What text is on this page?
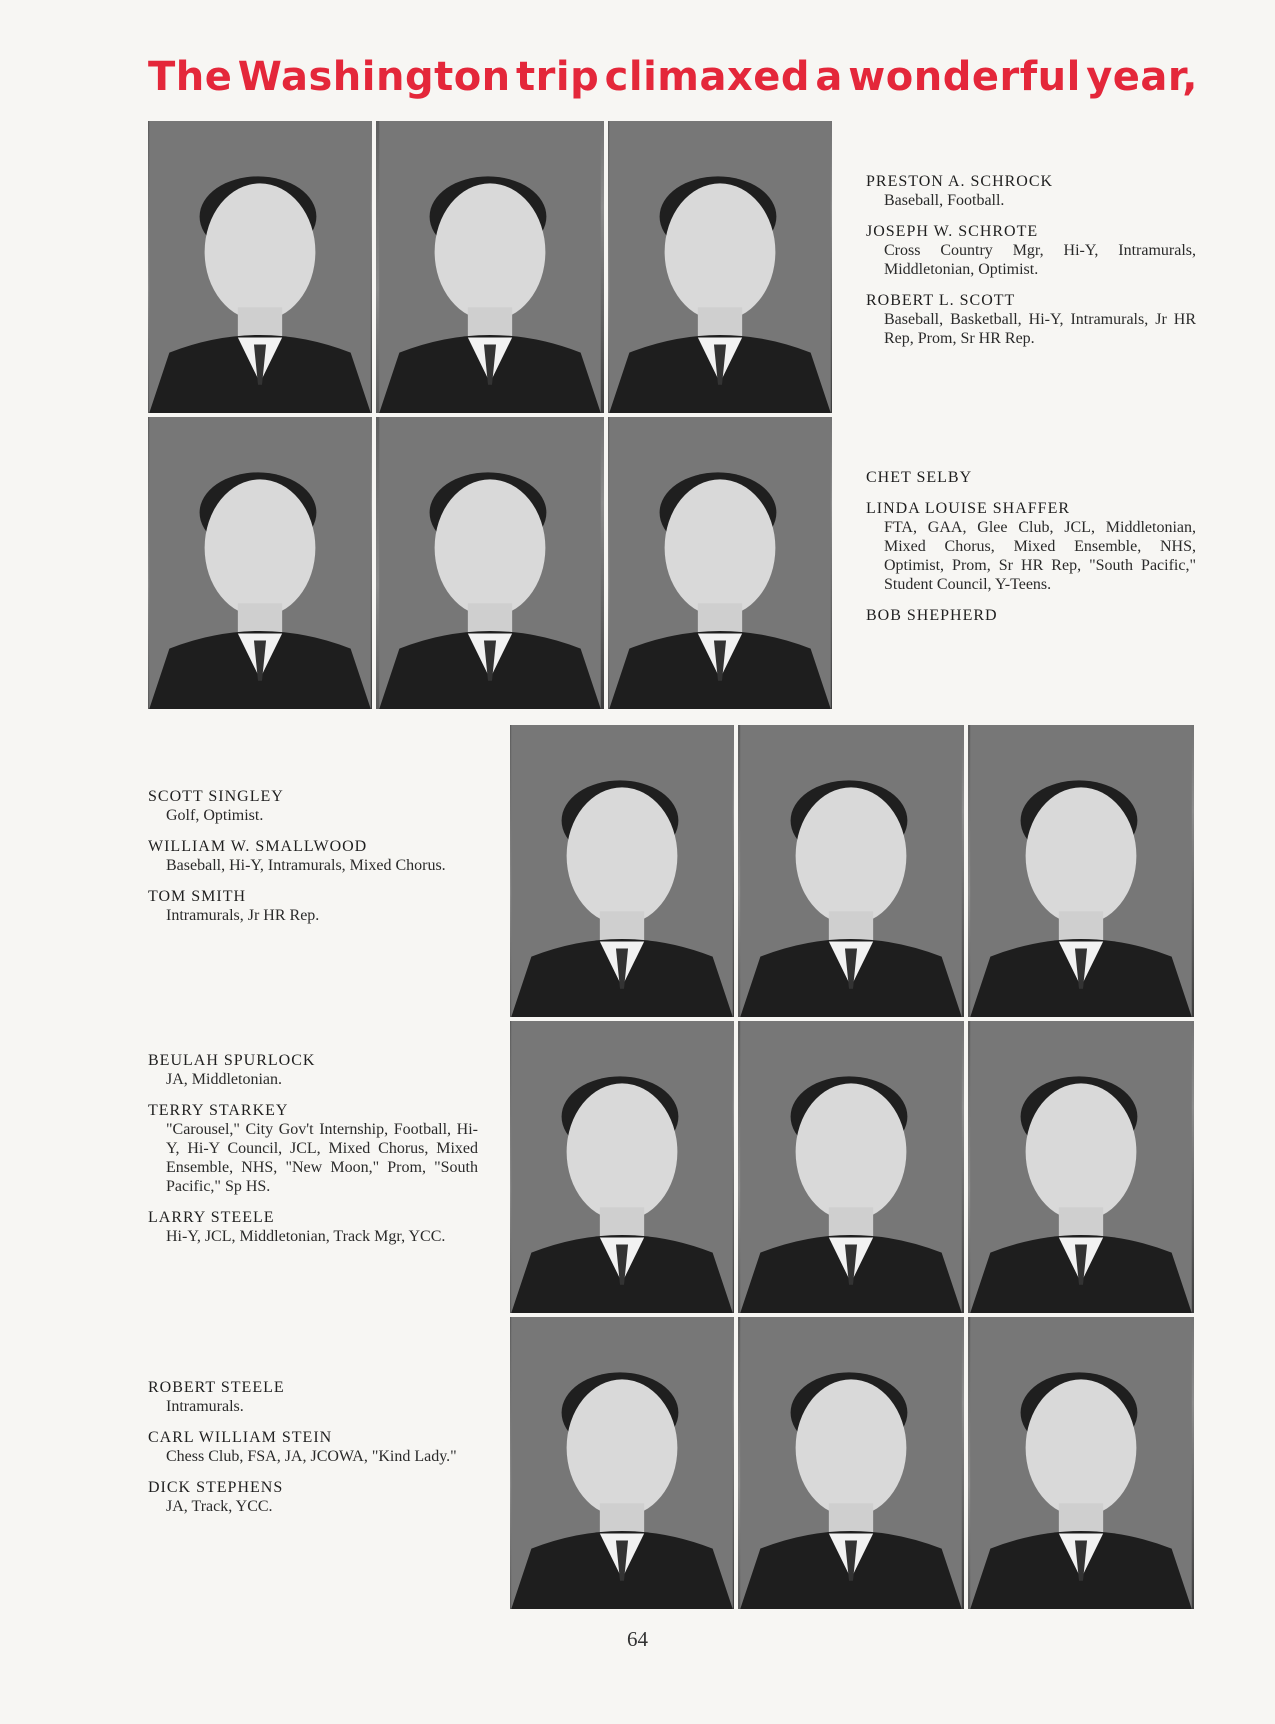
The Washington trip climaxed a wonderful year,
PRESTON A. SCHROCK
Baseball, Football.
JOSEPH W. SCHROTE
Cross Country Mgr, Hi-Y, Intramurals, Middletonian, Optimist.
ROBERT L. SCOTT
Baseball, Basketball, Hi-Y, Intramurals, Jr HR Rep, Prom, Sr HR Rep.
CHET SELBY
LINDA LOUISE SHAFFER
FTA, GAA, Glee Club, JCL, Middletonian, Mixed Chorus, Mixed Ensemble, NHS, Optimist, Prom, Sr HR Rep, "South Pacific," Student Council, Y-Teens.
BOB SHEPHERD
SCOTT SINGLEY
Golf, Optimist.
WILLIAM W. SMALLWOOD
Baseball, Hi-Y, Intramurals, Mixed Chorus.
TOM SMITH
Intramurals, Jr HR Rep.
BEULAH SPURLOCK
JA, Middletonian.
TERRY STARKEY
"Carousel," City Gov't Internship, Football, Hi-Y, Hi-Y Council, JCL, Mixed Chorus, Mixed Ensemble, NHS, "New Moon," Prom, "South Pacific," Sp HS.
LARRY STEELE
Hi-Y, JCL, Middletonian, Track Mgr, YCC.
ROBERT STEELE
Intramurals.
CARL WILLIAM STEIN
Chess Club, FSA, JA, JCOWA, "Kind Lady."
DICK STEPHENS
JA, Track, YCC.
64
